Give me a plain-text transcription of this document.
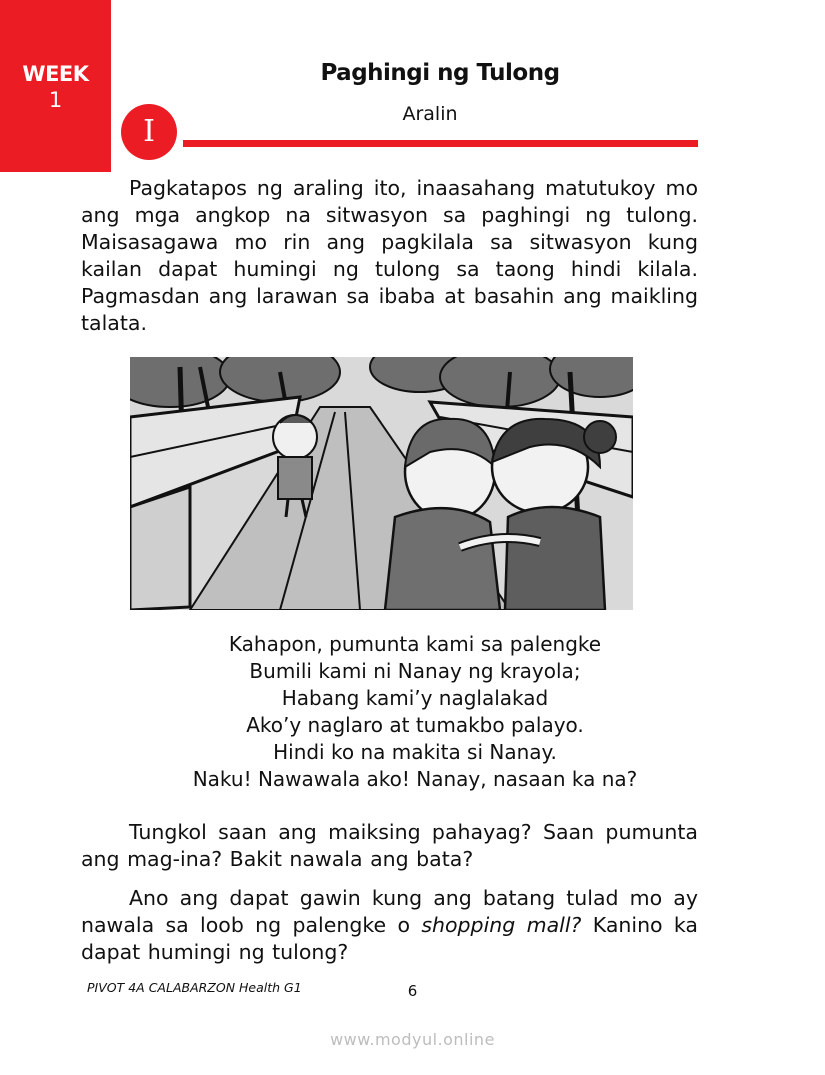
WEEK
1
Paghingi ng Tulong
I	Aralin

Pagkatapos ng araling ito, inaasahang matutukoy mo ang mga angkop na sitwasyon sa paghingi ng tulong. Maisasagawa mo rin ang pagkilala sa sitwasyon kung kailan dapat humingi ng tulong sa taong hindi kilala. Pagmasdan ang larawan sa ibaba at basahin ang maikling talata.

Kahapon, pumunta kami sa palengke
Bumili kami ni Nanay ng krayola;
Habang kami’y naglalakad
Ako’y naglaro at tumakbo palayo.
Hindi ko na makita si Nanay.
Naku! Nawawala ako! Nanay, nasaan ka na?

Tungkol saan ang maiksing pahayag? Saan pumunta ang mag-ina? Bakit nawala ang bata?

Ano ang dapat gawin kung ang batang tulad mo ay nawala sa loob ng palengke o shopping mall? Kanino ka dapat humingi ng tulong?

PIVOT 4A CALABARZON Health G1	6
www.modyul.online
